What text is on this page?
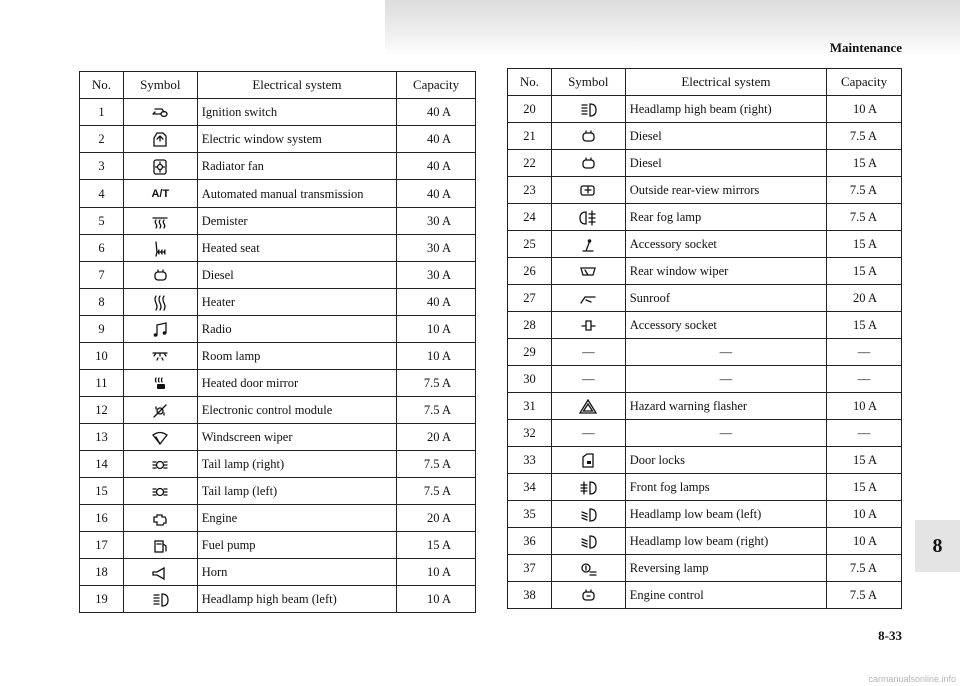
Maintenance
No.	Symbol	Electrical system	Capacity
1		Ignition switch	40 A
2		Electric window system	40 A
3		Radiator fan	40 A
4	A/T	Automated manual transmission	40 A
5		Demister	30 A
6		Heated seat	30 A
7		Diesel	30 A
8		Heater	40 A
9		Radio	10 A
10		Room lamp	10 A
11		Heated door mirror	7.5 A
12		Electronic control module	7.5 A
13		Windscreen wiper	20 A
14		Tail lamp (right)	7.5 A
15		Tail lamp (left)	7.5 A
16		Engine	20 A
17		Fuel pump	15 A
18		Horn	10 A
19		Headlamp high beam (left)	10 A
No.	Symbol	Electrical system	Capacity
20		Headlamp high beam (right)	10 A
21		Diesel	7.5 A
22		Diesel	15 A
23		Outside rear-view mirrors	7.5 A
24		Rear fog lamp	7.5 A
25		Accessory socket	15 A
26		Rear window wiper	15 A
27		Sunroof	20 A
28		Accessory socket	15 A
29	—	—	—
30	—	—	—
31		Hazard warning flasher	10 A
32	—	—	—
33		Door locks	15 A
34		Front fog lamps	15 A
35		Headlamp low beam (left)	10 A
36		Headlamp low beam (right)	10 A
37		Reversing lamp	7.5 A
38		Engine control	7.5 A
8
8-33
carmanualsonline.info
